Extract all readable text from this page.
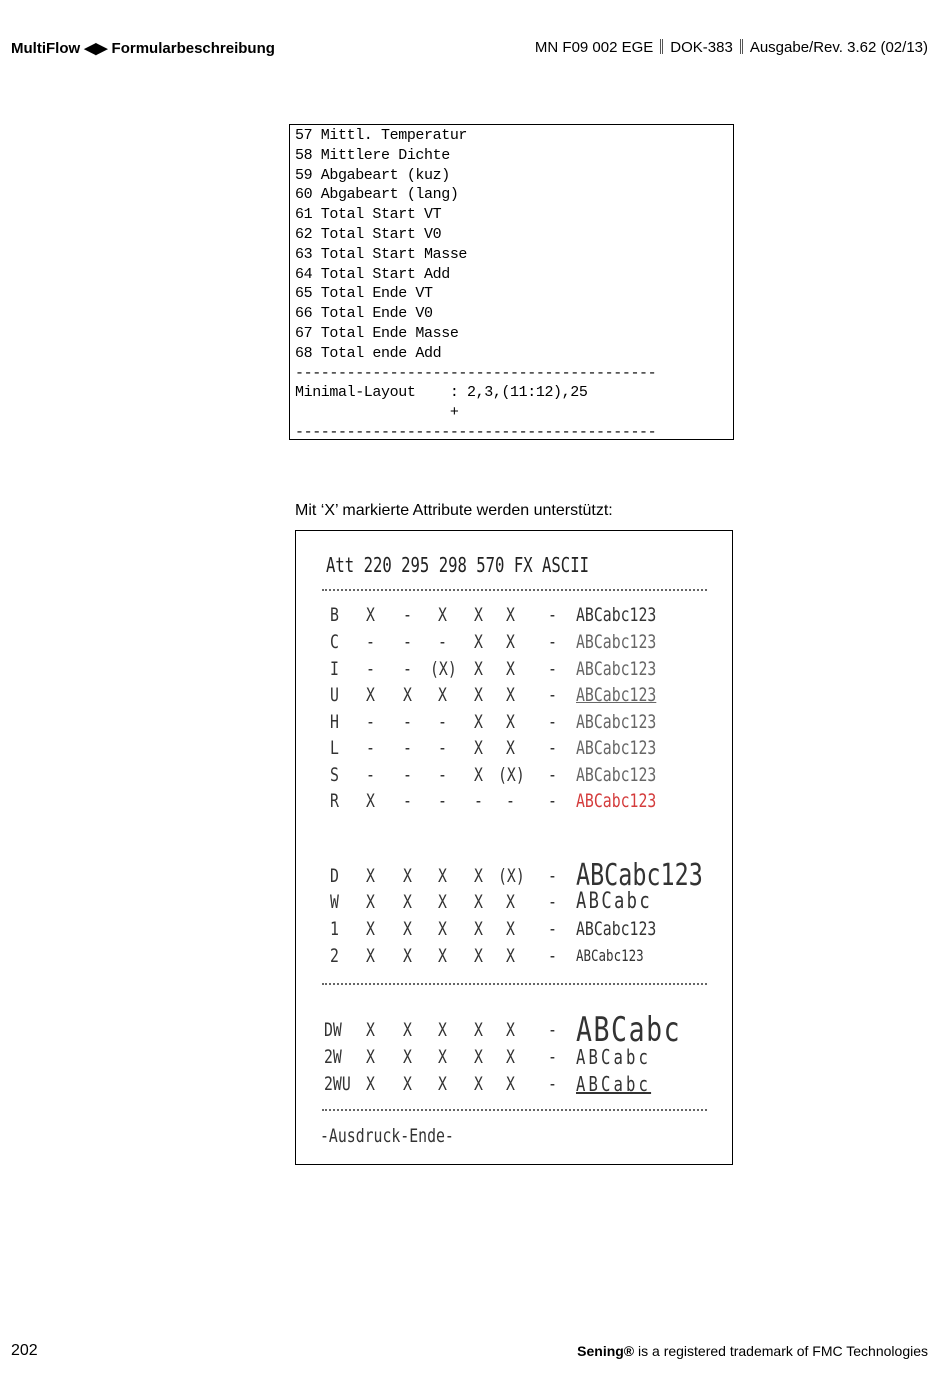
MultiFlow ◀▶ Formularbeschreibung	MN F09 002 EGE DOK-383 Ausgabe/Rev. 3.62 (02/13)
57 Mittl. Temperatur
58 Mittlere Dichte
59 Abgabeart (kuz)
60 Abgabeart (lang)
61 Total Start VT
62 Total Start V0
63 Total Start Masse
64 Total Start Add
65 Total Ende VT
66 Total Ende V0
67 Total Ende Masse
68 Total ende Add
------------------------------------------
Minimal-Layout    : 2,3,(11:12),25
+
------------------------------------------
Mit ‘X’ markierte Attribute werden unterstützt:
Att 220 295 298 570 FX ASCII
-Ausdruck-Ende-
B X - X X X - ABCabc123
C - - - X X - ABCabc123
I - - (X) X X - ABCabc123
U X X X X X - ABCabc123
H - - - X X - ABCabc123
L - - - X X - ABCabc123
S - - - X (X) - ABCabc123
R X - - - - - ABCabc123
D X X X X (X) - ABCabc123
W X X X X X - ABCabc
1 X X X X X - ABCabc123
2 X X X X X - ABCabc123
DW X X X X X - ABCabc
2W X X X X X - ABCabc
2WU X X X X X - ABCabc
202	Sening® is a registered trademark of FMC Technologies
